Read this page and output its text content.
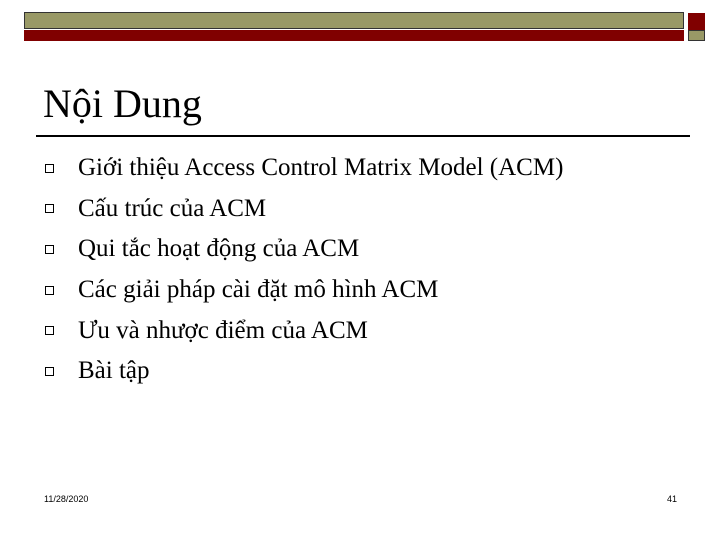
Nội Dung
Giới thiệu Access Control Matrix Model (ACM)
Cấu trúc của ACM
Qui tắc hoạt động của ACM
Các giải pháp cài đặt mô hình ACM
Ưu và nhược điểm của ACM
Bài tập
11/28/2020	41
